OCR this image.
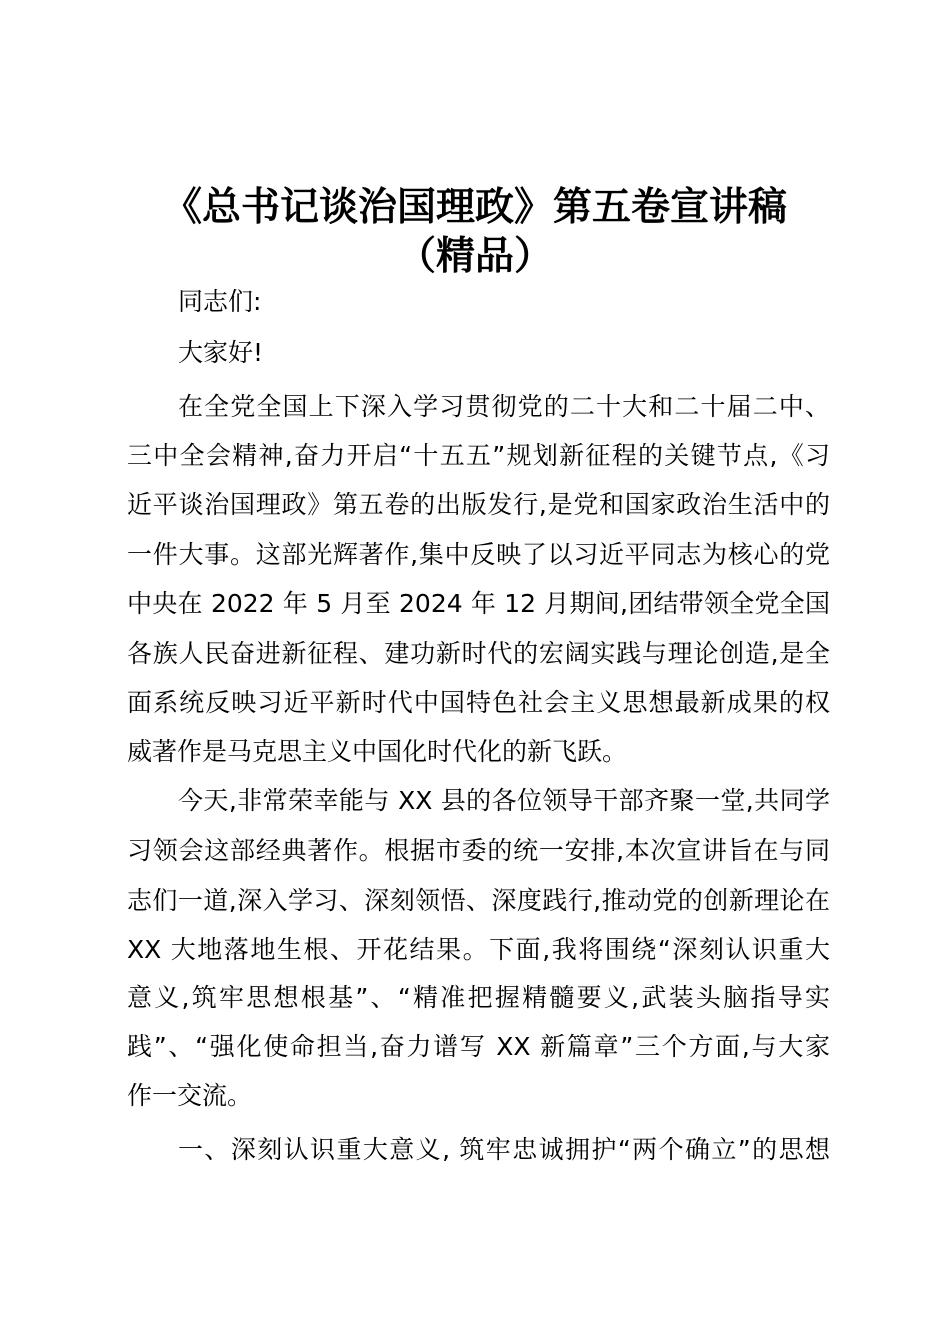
《总书记谈治国理政》第五卷宣讲稿
（精品）
同志们:
大家好!
在全党全国上下深入学习贯彻党的二十大和二十届二中、
三中全会精神,奋力开启“十五五”规划新征程的关键节点,《习
近平谈治国理政》第五卷的出版发行,是党和国家政治生活中的
一件大事。这部光辉著作,集中反映了以习近平同志为核心的党
中央在 2022 年 5 月至 2024 年 12 月期间,团结带领全党全国
各族人民奋进新征程、建功新时代的宏阔实践与理论创造,是全
面系统反映习近平新时代中国特色社会主义思想最新成果的权
威著作是马克思主义中国化时代化的新飞跃。
今天,非常荣幸能与 XX 县的各位领导干部齐聚一堂,共同学
习领会这部经典著作。根据市委的统一安排,本次宣讲旨在与同
志们一道,深入学习、深刻领悟、深度践行,推动党的创新理论在
XX 大地落地生根、开花结果。下面,我将围绕“深刻认识重大
意义,筑牢思想根基”、“精准把握精髓要义,武装头脑指导实
践”、“强化使命担当,奋力谱写 XX 新篇章”三个方面,与大家
作一交流。
一、深刻认识重大意义, 筑牢忠诚拥护“两个确立”的思想
